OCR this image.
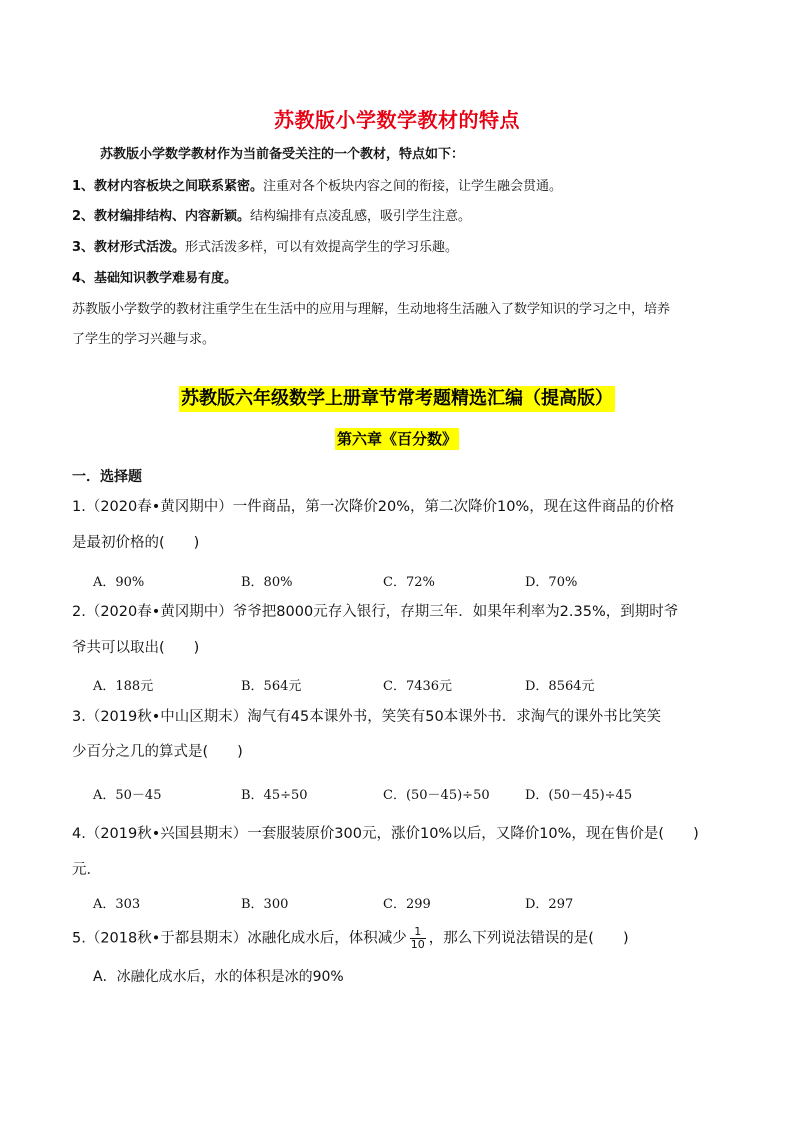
苏教版小学数学教材的特点
苏教版小学数学教材作为当前备受关注的一个教材，特点如下：
1、教材内容板块之间联系紧密。注重对各个板块内容之间的衔接，让学生融会贯通。
2、教材编排结构、内容新颖。结构编排有点凌乱感，吸引学生注意。
3、教材形式活泼。形式活泼多样，可以有效提高学生的学习乐趣。
4、基础知识教学难易有度。
苏教版小学数学的教材注重学生在生活中的应用与理解，生动地将生活融入了数学知识的学习之中，培养
了学生的学习兴趣与求。
苏教版六年级数学上册章节常考题精选汇编（提高版）
第六章《百分数》
一．选择题
1.（2020春•黄冈期中）一件商品，第一次降价20%，第二次降价10%，现在这件商品的价格
是最初价格的(　　)
A．90%	B．80%	C．72%	D．70%
2.（2020春•黄冈期中）爷爷把8000元存入银行，存期三年．如果年利率为2.35%，到期时爷
爷共可以取出(　　)
A．188元	B．564元	C．7436元	D．8564元
3.（2019秋•中山区期末）淘气有45本课外书，笑笑有50本课外书．求淘气的课外书比笑笑
少百分之几的算式是(　　)
A．50－45	B．45÷50	C．(50－45)÷50	D．(50－45)÷45
4.（2019秋•兴国县期末）一套服装原价300元，涨价10%以后，又降价10%，现在售价是(　　)
元．
A．303	B．300	C．299	D．297
5.（2018秋•于都县期末）冰融化成水后，体积减少 $\frac{1}{10}$ ，那么下列说法错误的是(　　)
A．冰融化成水后，水的体积是冰的90%
